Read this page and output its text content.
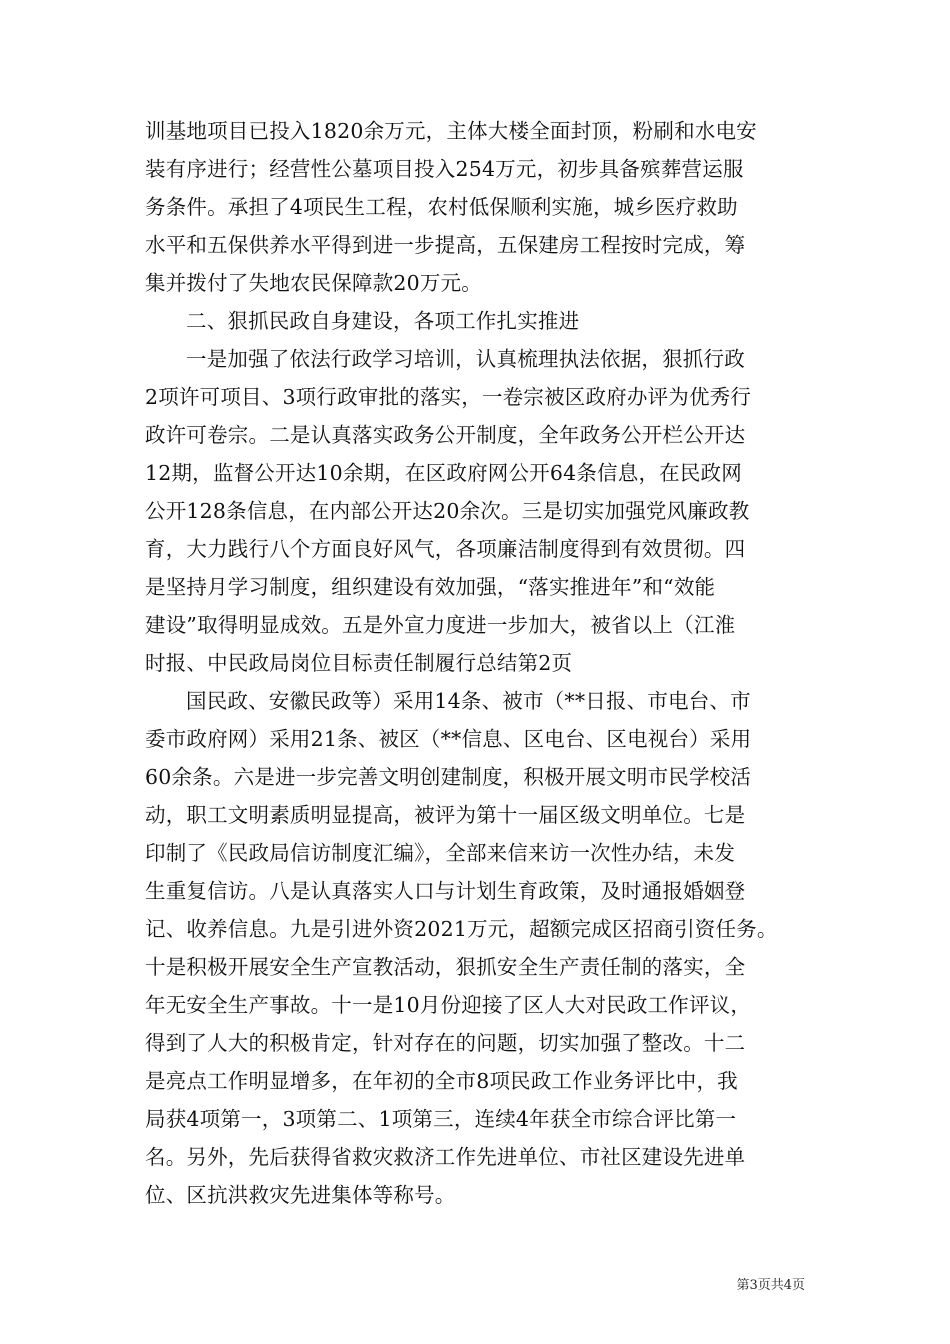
训基地项目已投入1820余万元，主体大楼全面封顶，粉刷和水电安
装有序进行；经营性公墓项目投入254万元，初步具备殡葬营运服
务条件。承担了4项民生工程，农村低保顺利实施，城乡医疗救助
水平和五保供养水平得到进一步提高，五保建房工程按时完成，筹
集并拨付了失地农民保障款20万元。
二、狠抓民政自身建设，各项工作扎实推进
一是加强了依法行政学习培训，认真梳理执法依据，狠抓行政
2项许可项目、3项行政审批的落实，一卷宗被区政府办评为优秀行
政许可卷宗。二是认真落实政务公开制度，全年政务公开栏公开达
12期，监督公开达10余期，在区政府网公开64条信息，在民政网
公开128条信息，在内部公开达20余次。三是切实加强党风廉政教
育，大力践行八个方面良好风气，各项廉洁制度得到有效贯彻。四
是坚持月学习制度，组织建设有效加强，“落实推进年”和“效能
建设”取得明显成效。五是外宣力度进一步加大，被省以上（江淮
时报、中民政局岗位目标责任制履行总结第2页
国民政、安徽民政等）采用14条、被市（**日报、市电台、市
委市政府网）采用21条、被区（**信息、区电台、区电视台）采用
60余条。六是进一步完善文明创建制度，积极开展文明市民学校活
动，职工文明素质明显提高，被评为第十一届区级文明单位。七是
印制了《民政局信访制度汇编》，全部来信来访一次性办结，未发
生重复信访。八是认真落实人口与计划生育政策，及时通报婚姻登
记、收养信息。九是引进外资2021万元，超额完成区招商引资任务。
十是积极开展安全生产宣教活动，狠抓安全生产责任制的落实，全
年无安全生产事故。十一是10月份迎接了区人大对民政工作评议，
得到了人大的积极肯定，针对存在的问题，切实加强了整改。十二
是亮点工作明显增多，在年初的全市8项民政工作业务评比中，我
局获4项第一，3项第二、1项第三，连续4年获全市综合评比第一
名。另外，先后获得省救灾救济工作先进单位、市社区建设先进单
位、区抗洪救灾先进集体等称号。
第3页共4页
